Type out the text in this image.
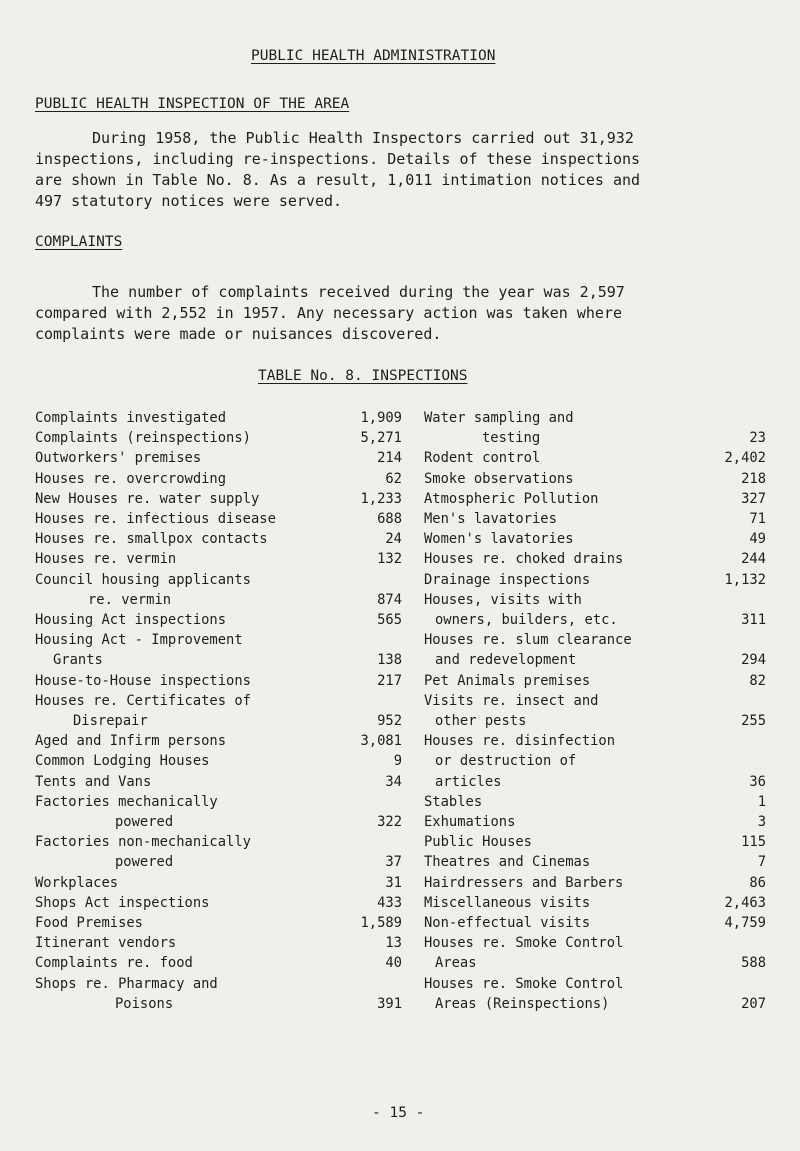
PUBLIC HEALTH ADMINISTRATION
PUBLIC HEALTH INSPECTION OF THE AREA
During 1958, the Public Health Inspectors carried out 31,932
inspections, including re-inspections. Details of these inspections
are shown in Table No. 8. As a result, 1,011 intimation notices and
497 statutory notices were served.
COMPLAINTS
The number of complaints received during the year was 2,597
compared with 2,552 in 1957. Any necessary action was taken where
complaints were made or nuisances discovered.
TABLE No. 8. INSPECTIONS
Complaints investigated	1,909
Complaints (reinspections)	5,271
Outworkers' premises	214
Houses re. overcrowding	62
New Houses re. water supply	1,233
Houses re. infectious disease	688
Houses re. smallpox contacts	24
Houses re. vermin	132
Council housing applicants
re. vermin	874
Housing Act inspections	565
Housing Act - Improvement
Grants	138
House-to-House inspections	217
Houses re. Certificates of
Disrepair	952
Aged and Infirm persons	3,081
Common Lodging Houses	9
Tents and Vans	34
Factories mechanically
powered	322
Factories non-mechanically
powered	37
Workplaces	31
Shops Act inspections	433
Food Premises	1,589
Itinerant vendors	13
Complaints re. food	40
Shops re. Pharmacy and
Poisons	391
Water sampling and
testing	23
Rodent control	2,402
Smoke observations	218
Atmospheric Pollution	327
Men's lavatories	71
Women's lavatories	49
Houses re. choked drains	244
Drainage inspections	1,132
Houses, visits with
owners, builders, etc.	311
Houses re. slum clearance
and redevelopment	294
Pet Animals premises	82
Visits re. insect and
other pests	255
Houses re. disinfection
or destruction of
articles	36
Stables	1
Exhumations	3
Public Houses	115
Theatres and Cinemas	7
Hairdressers and Barbers	86
Miscellaneous visits	2,463
Non-effectual visits	4,759
Houses re. Smoke Control
Areas	588
Houses re. Smoke Control
Areas (Reinspections)	207
- 15 -
